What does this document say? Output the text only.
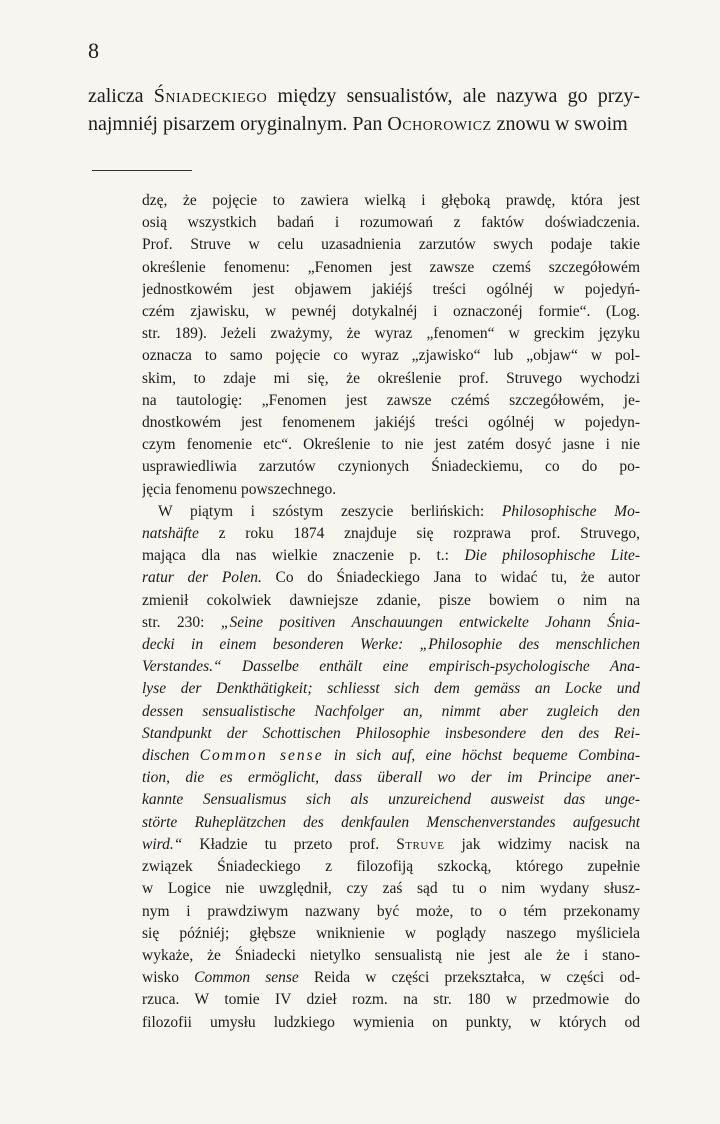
8

zalicza Śniadeckiego między sensualistów, ale nazywa go przy-

najmniéj pisarzem oryginalnym. Pan Ochorowicz znowu w swoim

dzę, że pojęcie to zawiera wielką i głęboką prawdę, która jest
osią wszystkich badań i rozumowań z faktów doświadczenia.
Prof. Struve w celu uzasadnienia zarzutów swych podaje takie
określenie fenomenu: „Fenomen jest zawsze czemś szczegółowém
jednostkowém jest objawem jakiéjś treści ogólnéj w pojedyń-
czém zjawisku, w pewnéj dotykalnéj i oznaczonéj formie“. (Log.
str. 189). Jeżeli zważymy, że wyraz „fenomen“ w greckim języku
oznacza to samo pojęcie co wyraz „zjawisko“ lub „objaw“ w pol-
skim, to zdaje mi się, że określenie prof. Struvego wychodzi
na tautologię: „Fenomen jest zawsze czémś szczegółowém, je-
dnostkowém jest fenomenem jakiéjś treści ogólnéj w pojedyn-
czym fenomenie etc“. Określenie to nie jest zatém dosyć jasne i nie
usprawiedliwia zarzutów czynionych Śniadeckiemu, co do po-
jęcia fenomenu powszechnego.
W piątym i szóstym zeszycie berlińskich: Philosophische Mo-
natshäfte z roku 1874 znajduje się rozprawa prof. Struvego,
mająca dla nas wielkie znaczenie p. t.: Die philosophische Lite-
ratur der Polen. Co do Śniadeckiego Jana to widać tu, że autor
zmienił cokolwiek dawniejsze zdanie, pisze bowiem o nim na
str. 230: „Seine positiven Anschauungen entwickelte Johann Śnia-
decki in einem besonderen Werke: „Philosophie des menschlichen
Verstandes.“ Dasselbe enthält eine empirisch-psychologische Ana-
lyse der Denkthätigkeit; schliesst sich dem gemäss an Locke und
dessen sensualistische Nachfolger an, nimmt aber zugleich den
Standpunkt der Schottischen Philosophie insbesondere den des Rei-
dischen Common sense in sich auf, eine höchst bequeme Combina-
tion, die es ermöglicht, dass überall wo der im Principe aner-
kannte Sensualismus sich als unzureichend ausweist das unge-
störte Ruheplätzchen des denkfaulen Menschenverstandes aufgesucht
wird.“ Kładzie tu przeto prof. Struve jak widzimy nacisk na
związek Śniadeckiego z filozofiją szkocką, którego zupełnie
w Logice nie uwzględnił, czy zaś sąd tu o nim wydany słusz-
nym i prawdziwym nazwany być może, to o tém przekonamy
się późniéj; głębsze wniknienie w poglądy naszego myśliciela
wykaże, że Śniadecki nietylko sensualistą nie jest ale że i stano-
wisko Common sense Reida w części przekształca, w części od-
rzuca. W tomie IV dzieł rozm. na str. 180 w przedmowie do
filozofii umysłu ludzkiego wymienia on punkty, w których od
